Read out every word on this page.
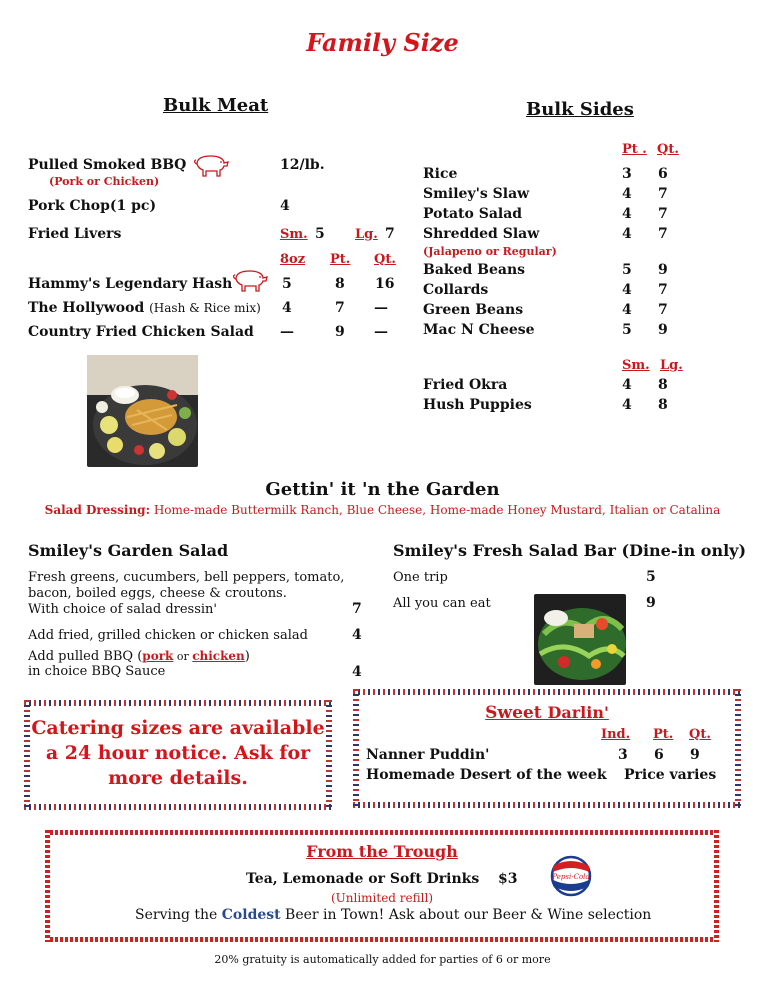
Family Size
Bulk Meat
Pulled Smoked BBQ	12/lb.
(Pork or Chicken)
Pork Chop(1 pc)	4
Fried Livers	Sm. 5 Lg. 7
8oz Pt. Qt.
Hammy's Legendary Hash	5	8 16
The Hollywood (Hash & Rice mix) 4	7 —
Country Fried Chicken Salad —	9 —
Bulk Sides
Pt . Qt.
Rice	3 6
Smiley's Slaw	4 7
Potato Salad	4 7
Shredded Slaw	4 7
(Jalapeno or Regular)
Baked Beans	5 9
Collards	4 7
Green Beans	4 7
Mac N Cheese	5 9
Sm. Lg.
Fried Okra	4 8
Hush Puppies	4 8
Gettin' it 'n the Garden
Salad Dressing: Home-made Buttermilk Ranch, Blue Cheese, Home-made Honey Mustard, Italian or Catalina
Smiley's Garden Salad
Fresh greens, cucumbers, bell peppers, tomato,
bacon, boiled eggs, cheese & croutons.
With choice of salad dressin'	7
Add fried, grilled chicken or chicken salad	4
Add pulled BBQ (pork or chicken)
in choice BBQ Sauce	4
Smiley's Fresh Salad Bar (Dine-in only)
One trip	5
All you can eat	9
Catering sizes are available
a 24 hour notice. Ask for
more details.
Sweet Darlin'
Ind. Pt. Qt.
Nanner Puddin'	3 6 9
Homemade Desert of the week Price varies
From the Trough
Tea, Lemonade or Soft Drinks $3
(Unlimited refill)
Serving the Coldest Beer in Town! Ask about our Beer & Wine selection
Pepsi-Cola
20% gratuity is automatically added for parties of 6 or more
